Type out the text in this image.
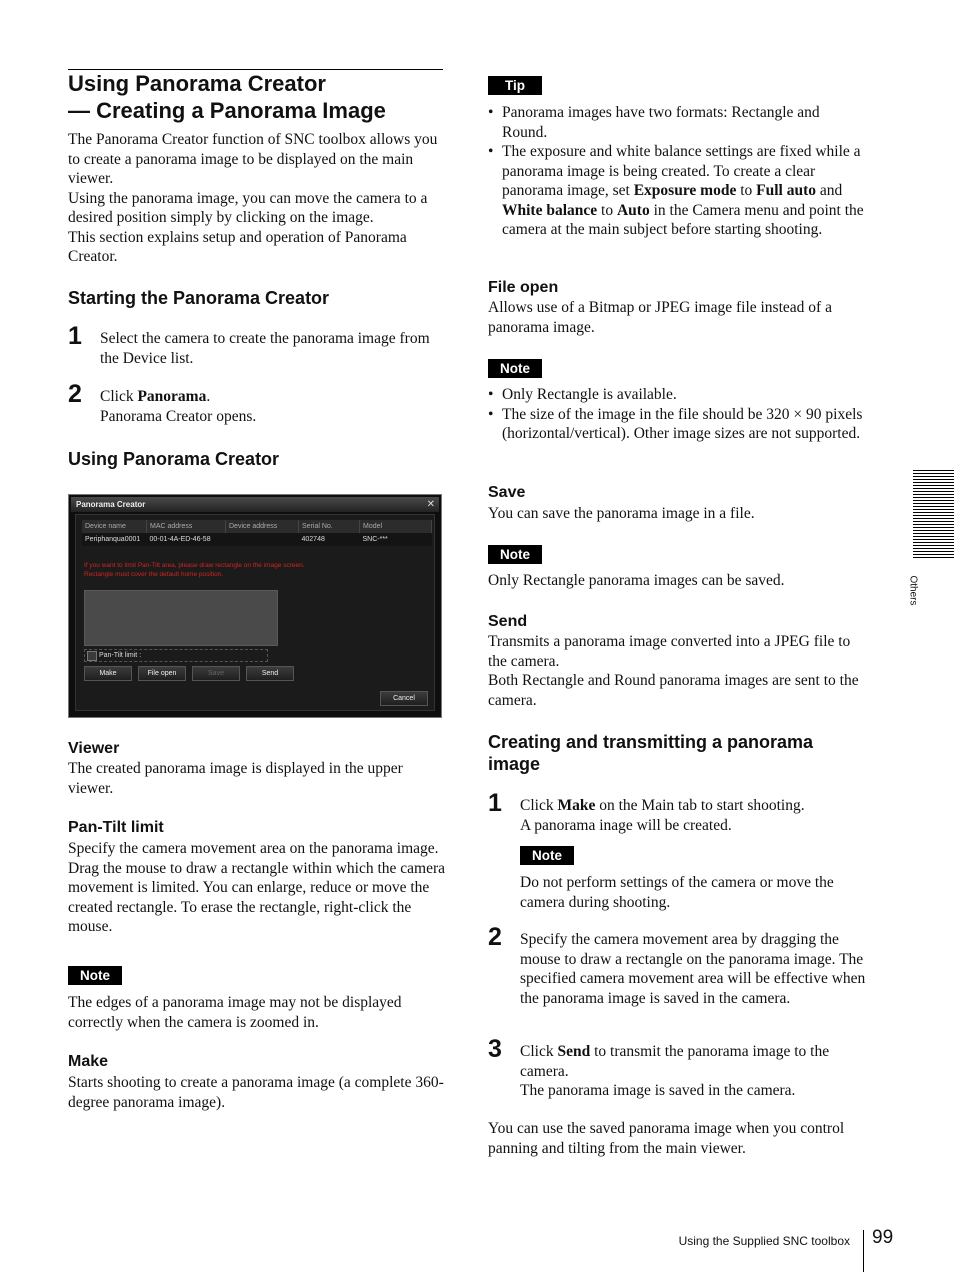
Using Panorama Creator
— Creating a Panorama Image

The Panorama Creator function of SNC toolbox allows you to create a panorama image to be displayed on the main viewer.

Using the panorama image, you can move the camera to a desired position simply by clicking on the image.

This section explains setup and operation of Panorama Creator.

Starting the Panorama Creator
1 Select the camera to create the panorama image from the Device list.

2 Click Panorama.

Panorama Creator opens.

Using Panorama Creator
Panorama Creator	✕
Device name	MAC address	Device address	Serial No.	Model
Periphanqua0001	00-01-4A-ED-46-58		402748	SNC-***
If you want to limit Pan-Tilt area, please draw rectangle on the image screen. Rectangle must cover the default home position.
Pan-Tilt limit :
Make	File open	Save	Send
Cancel
Viewer

The created panorama image is displayed in the upper viewer.

Pan-Tilt limit

Specify the camera movement area on the panorama image.

Drag the mouse to draw a rectangle within which the camera movement is limited. You can enlarge, reduce or move the created rectangle. To erase the rectangle, right-click the mouse.

Note

The edges of a panorama image may not be displayed correctly when the camera is zoomed in.

Make

Starts shooting to create a panorama image (a complete 360-degree panorama image).

Tip
• Panorama images have two formats: Rectangle and Round.
• The exposure and white balance settings are fixed while a panorama image is being created. To create a clear panorama image, set Exposure mode to Full auto and White balance to Auto in the Camera menu and point the camera at the main subject before starting shooting.
File open

Allows use of a Bitmap or JPEG image file instead of a panorama image.

Note
• Only Rectangle is available.
• The size of the image in the file should be 320 × 90 pixels (horizontal/vertical). Other image sizes are not supported.
Save

You can save the panorama image in a file.

Note

Only Rectangle panorama images can be saved.

Send

Transmits a panorama image converted into a JPEG file to the camera.

Both Rectangle and Round panorama images are sent to the camera.

Creating and transmitting a panorama image
1 Click Make on the Main tab to start shooting.

A panorama inage will be created.

Note

Do not perform settings of the camera or move the camera during shooting.

2 Specify the camera movement area by dragging the mouse to draw a rectangle on the panorama image. The specified camera movement area will be effective when the panorama image is saved in the camera.

3 Click Send to transmit the panorama image to the camera.

The panorama image is saved in the camera.

You can use the saved panorama image when you control panning and tilting from the main viewer.

Others
Using the Supplied SNC toolbox 99
